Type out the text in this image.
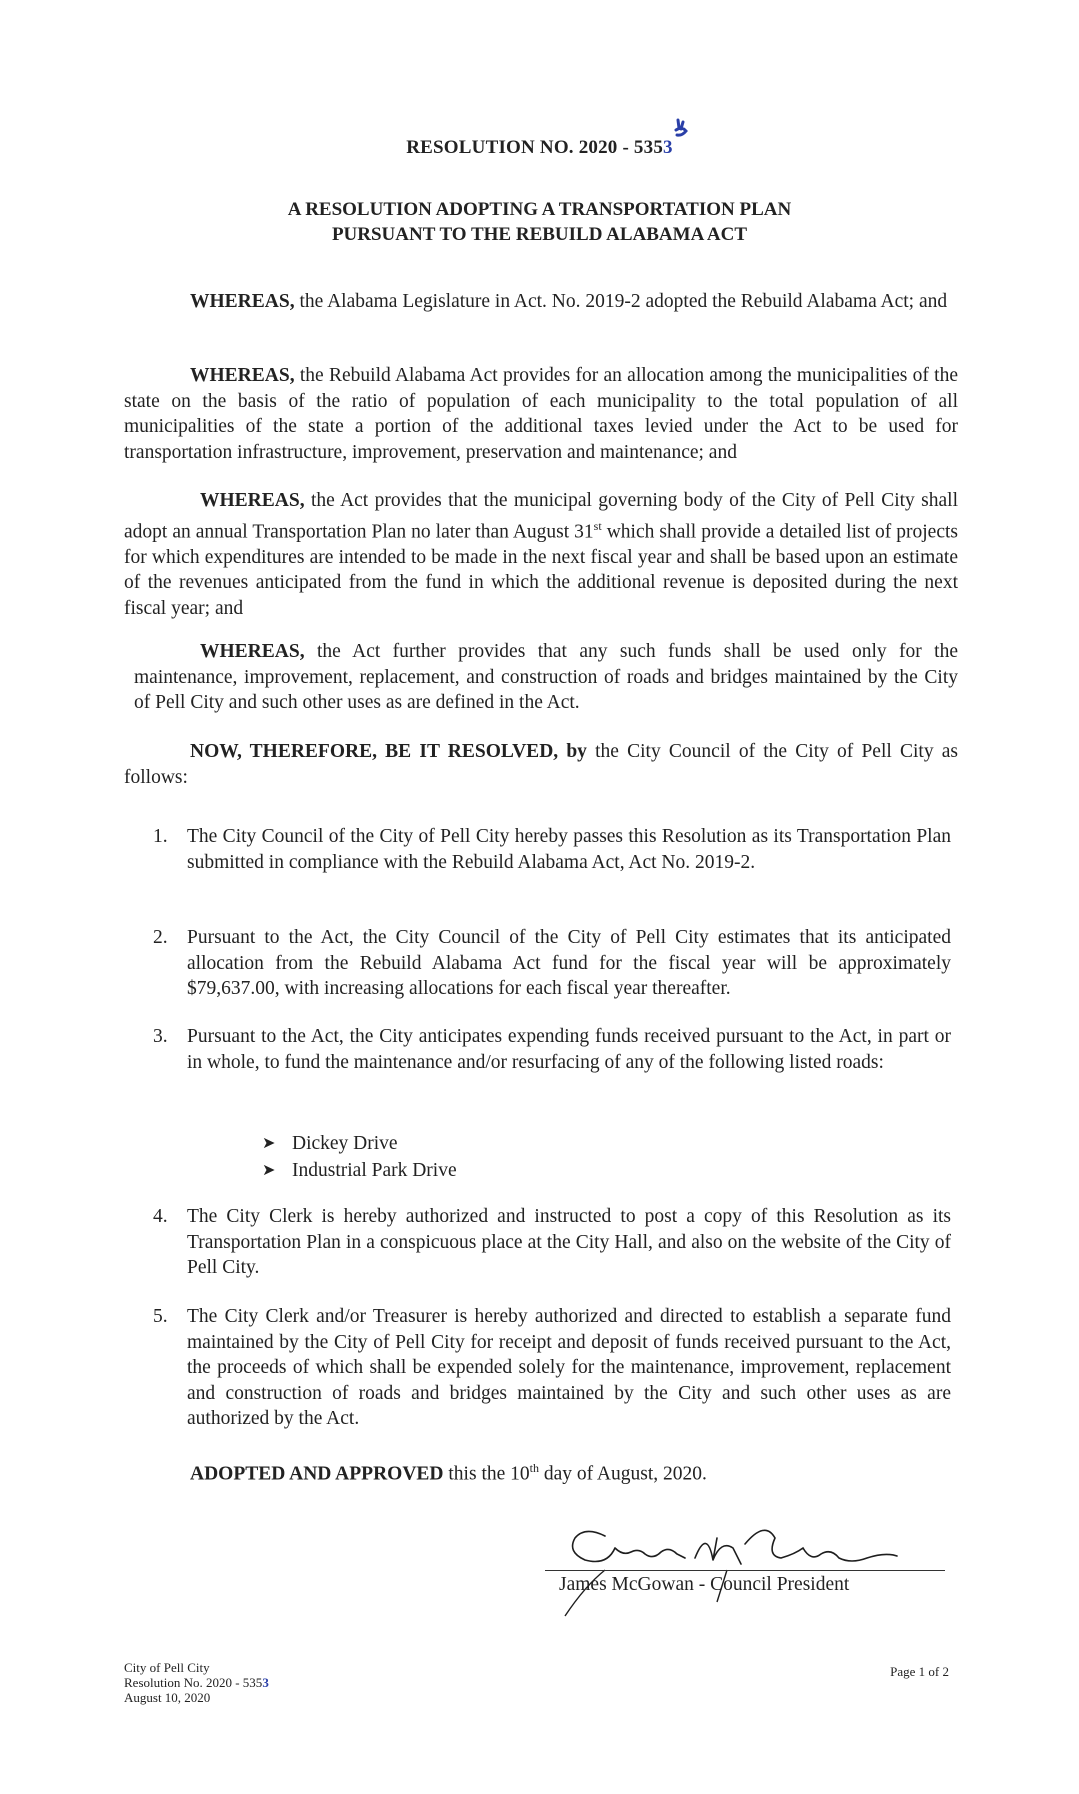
RESOLUTION NO. 2020 - 5353
A RESOLUTION ADOPTING A TRANSPORTATION PLAN
PURSUANT TO THE REBUILD ALABAMA ACT
WHEREAS, the Alabama Legislature in Act. No. 2019-2 adopted the Rebuild Alabama Act; and
WHEREAS, the Rebuild Alabama Act provides for an allocation among the municipalities of the state on the basis of the ratio of population of each municipality to the total population of all municipalities of the state a portion of the additional taxes levied under the Act to be used for transportation infrastructure, improvement, preservation and maintenance; and
WHEREAS, the Act provides that the municipal governing body of the City of Pell City shall adopt an annual Transportation Plan no later than August 31st which shall provide a detailed list of projects for which expenditures are intended to be made in the next fiscal year and shall be based upon an estimate of the revenues anticipated from the fund in which the additional revenue is deposited during the next fiscal year; and
WHEREAS, the Act further provides that any such funds shall be used only for the maintenance, improvement, replacement, and construction of roads and bridges maintained by the City of Pell City and such other uses as are defined in the Act.
NOW, THEREFORE, BE IT RESOLVED, by the City Council of the City of Pell City as follows:
1. The City Council of the City of Pell City hereby passes this Resolution as its Transportation Plan submitted in compliance with the Rebuild Alabama Act, Act No. 2019-2.
2. Pursuant to the Act, the City Council of the City of Pell City estimates that its anticipated allocation from the Rebuild Alabama Act fund for the fiscal year will be approximately $79,637.00, with increasing allocations for each fiscal year thereafter.
3. Pursuant to the Act, the City anticipates expending funds received pursuant to the Act, in part or in whole, to fund the maintenance and/or resurfacing of any of the following listed roads:
4. The City Clerk is hereby authorized and instructed to post a copy of this Resolution as its Transportation Plan in a conspicuous place at the City Hall, and also on the website of the City of Pell City.
5. The City Clerk and/or Treasurer is hereby authorized and directed to establish a separate fund maintained by the City of Pell City for receipt and deposit of funds received pursuant to the Act, the proceeds of which shall be expended solely for the maintenance, improvement, replacement and construction of roads and bridges maintained by the City and such other uses as are authorized by the Act.
➤ Dickey Drive
➤ Industrial Park Drive
ADOPTED AND APPROVED this the 10th day of August, 2020.
James McGowan - Council President
City of Pell City
Resolution No. 2020 - 5353
August 10, 2020
Page 1 of 2
